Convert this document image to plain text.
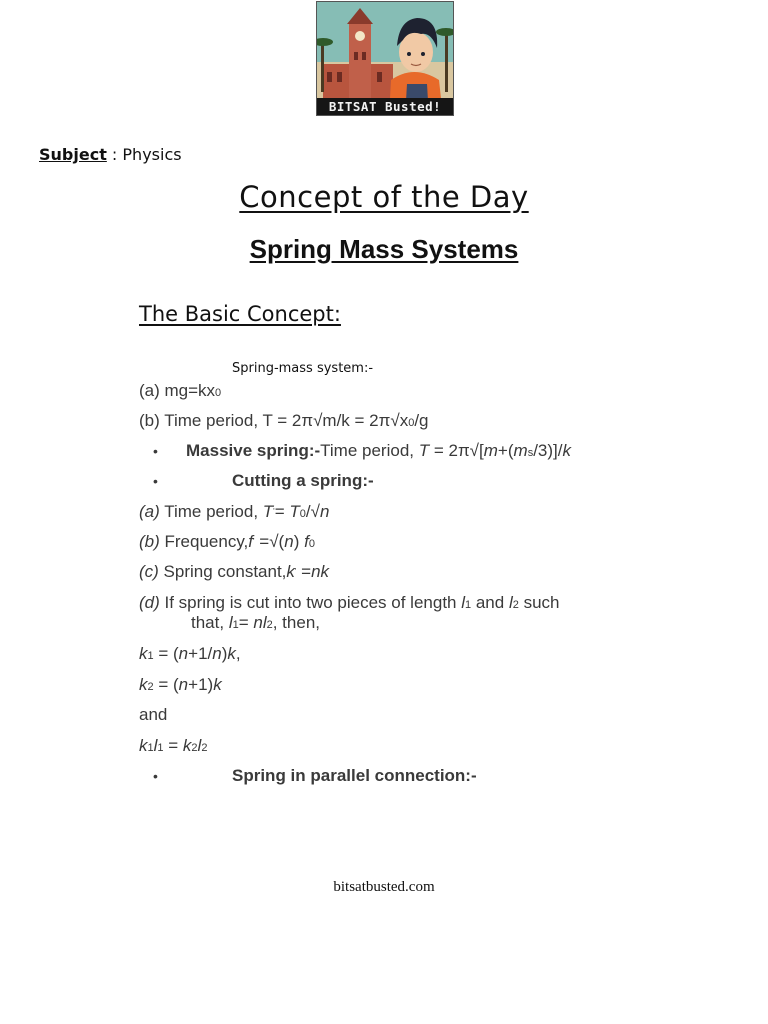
BITSAT Busted!
Subject : Physics
Concept of the Day
Spring Mass Systems
The Basic Concept:
Spring-mass system:-
(a) mg=kx0
(b) Time period, T = 2π√m/k = 2π√x0/g
• Massive spring:-Time period, T = 2π√[m+(ms/3)]/k
•	Cutting a spring:-
(a) Time period, T'= T0/√n
(b) Frequency,f' =√(n) f0
(c) Spring constant,k' =nk
(d) If spring is cut into two pieces of length l1 and l2 such
that, l1= nl2, then,
k1 = (n+1/n)k,
k2 = (n+1)k
and
k1l1 = k2l2
•	Spring in parallel connection:-
bitsatbusted.com
